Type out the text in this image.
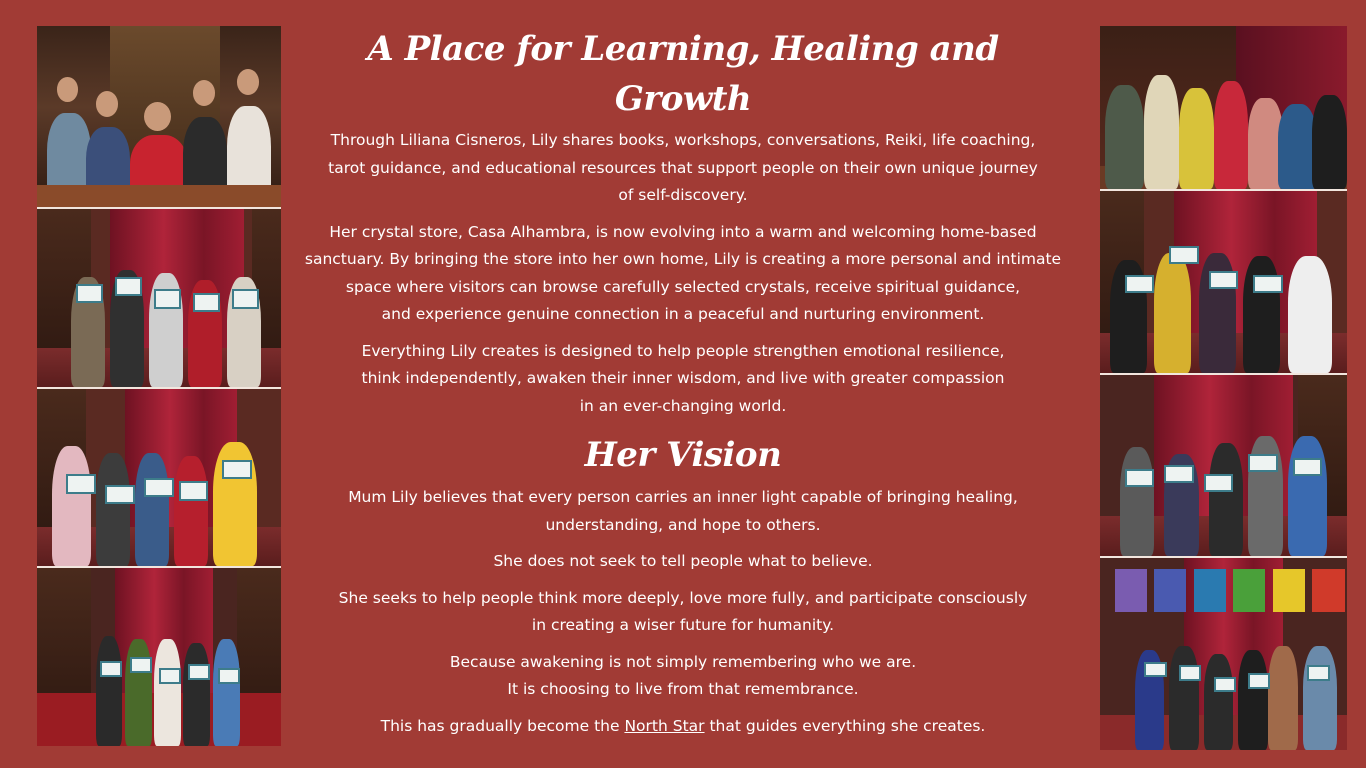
A Place for Learning, Healing and Growth

Through Liliana Cisneros, Lily shares books, workshops, conversations, Reiki, life coaching,
tarot guidance, and educational resources that support people on their own unique journey
of self-discovery.

Her crystal store, Casa Alhambra, is now evolving into a warm and welcoming home-based
sanctuary. By bringing the store into her own home, Lily is creating a more personal and intimate
space where visitors can browse carefully selected crystals, receive spiritual guidance,
and experience genuine connection in a peaceful and nurturing environment.

Everything Lily creates is designed to help people strengthen emotional resilience,
think independently, awaken their inner wisdom, and live with greater compassion
in an ever-changing world.

Her Vision

Mum Lily believes that every person carries an inner light capable of bringing healing,
understanding, and hope to others.

She does not seek to tell people what to believe.

She seeks to help people think more deeply, love more fully, and participate consciously
in creating a wiser future for humanity.

Because awakening is not simply remembering who we are.
It is choosing to live from that remembrance.

This has gradually become the North Star that guides everything she creates.
